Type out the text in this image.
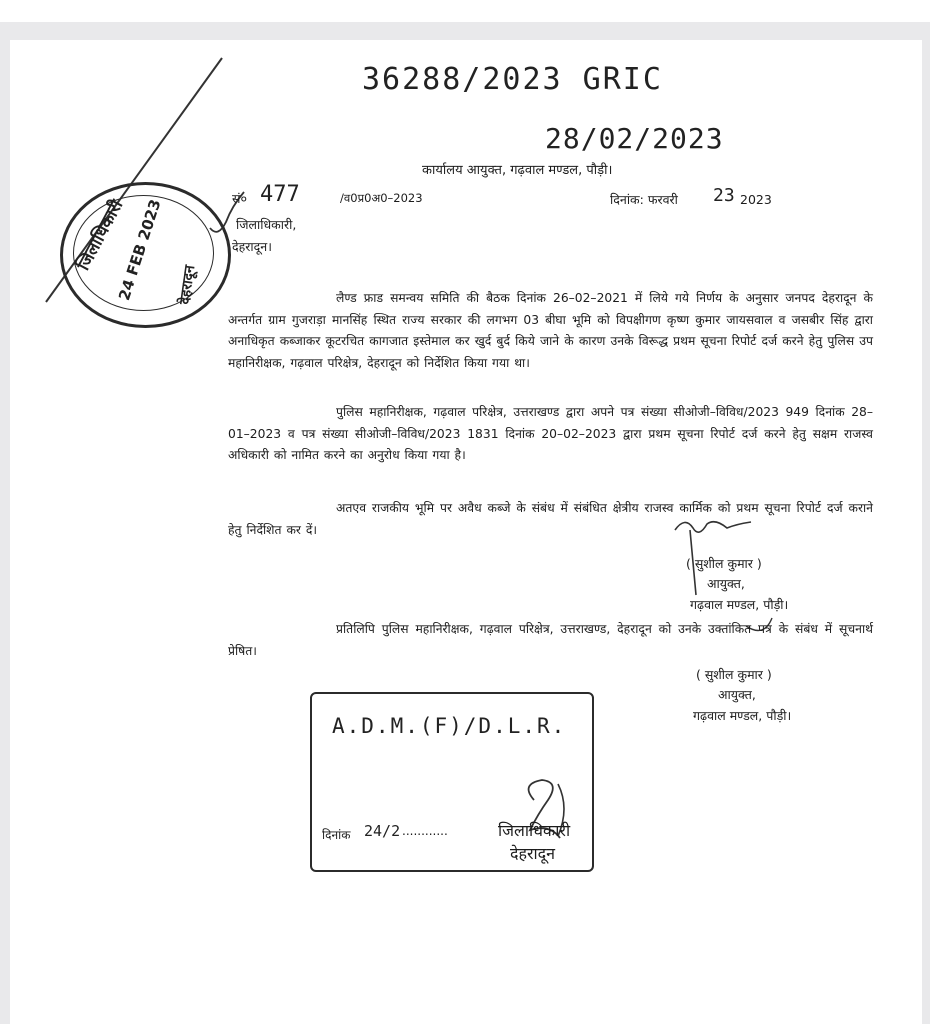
36288/2023 GRIC
28/02/2023
कार्यालय आयुक्त, गढ़वाल मण्डल, पौड़ी।
सं० 477	/व0प्र0अ0–2023	दिनांक: फरवरी 23 2023
जिलाधिकारी,
देहरादून।
जिलाधिकारी
24 FEB 2023 देहरादून	लैण्ड फ्राड समन्वय समिति की बैठक दिनांक 26–02–2021 में लिये गये निर्णय के अनुसार जनपद देहरादून के अन्तर्गत ग्राम गुजराड़ा मानसिंह स्थित राज्य सरकार की लगभग 03 बीघा भूमि को विपक्षीगण कृष्ण कुमार जायसवाल व जसबीर सिंह द्वारा अनाधिकृत कब्जाकर कूटरचित कागजात इस्तेमाल कर खुर्द बुर्द किये जाने के कारण उनके विरूद्ध प्रथम सूचना रिपोर्ट दर्ज करने हेतु पुलिस उप महानिरीक्षक, गढ़वाल परिक्षेत्र, देहरादून को निर्देशित किया गया था।
पुलिस महानिरीक्षक, गढ़वाल परिक्षेत्र, उत्तराखण्ड द्वारा अपने पत्र संख्या सीओजी–विविध/2023 949 दिनांक 28–01–2023 व पत्र संख्या सीओजी–विविध/2023 1831 दिनांक 20–02–2023 द्वारा प्रथम सूचना रिपोर्ट दर्ज करने हेतु सक्षम राजस्व अधिकारी को नामित करने का अनुरोध किया गया है।
अतएव राजकीय भूमि पर अवैध कब्जे के संबंध में संबंधित क्षेत्रीय राजस्व कार्मिक को प्रथम सूचना रिपोर्ट दर्ज कराने हेतु निर्देशित कर दें।
( सुशील कुमार )
आयुक्त,
गढ़वाल मण्डल, पौड़ी।
प्रतिलिपि पुलिस महानिरीक्षक, गढ़वाल परिक्षेत्र, उत्तराखण्ड, देहरादून को उनके उक्तांकित पत्र के संबंध में सूचनार्थ प्रेषित।
( सुशील कुमार )
आयुक्त,
गढ़वाल मण्डल, पौड़ी।
A.D.M.(F)/D.L.R.
दिनांक 24/2 ............	जिलाधिकारी
देहरादून
